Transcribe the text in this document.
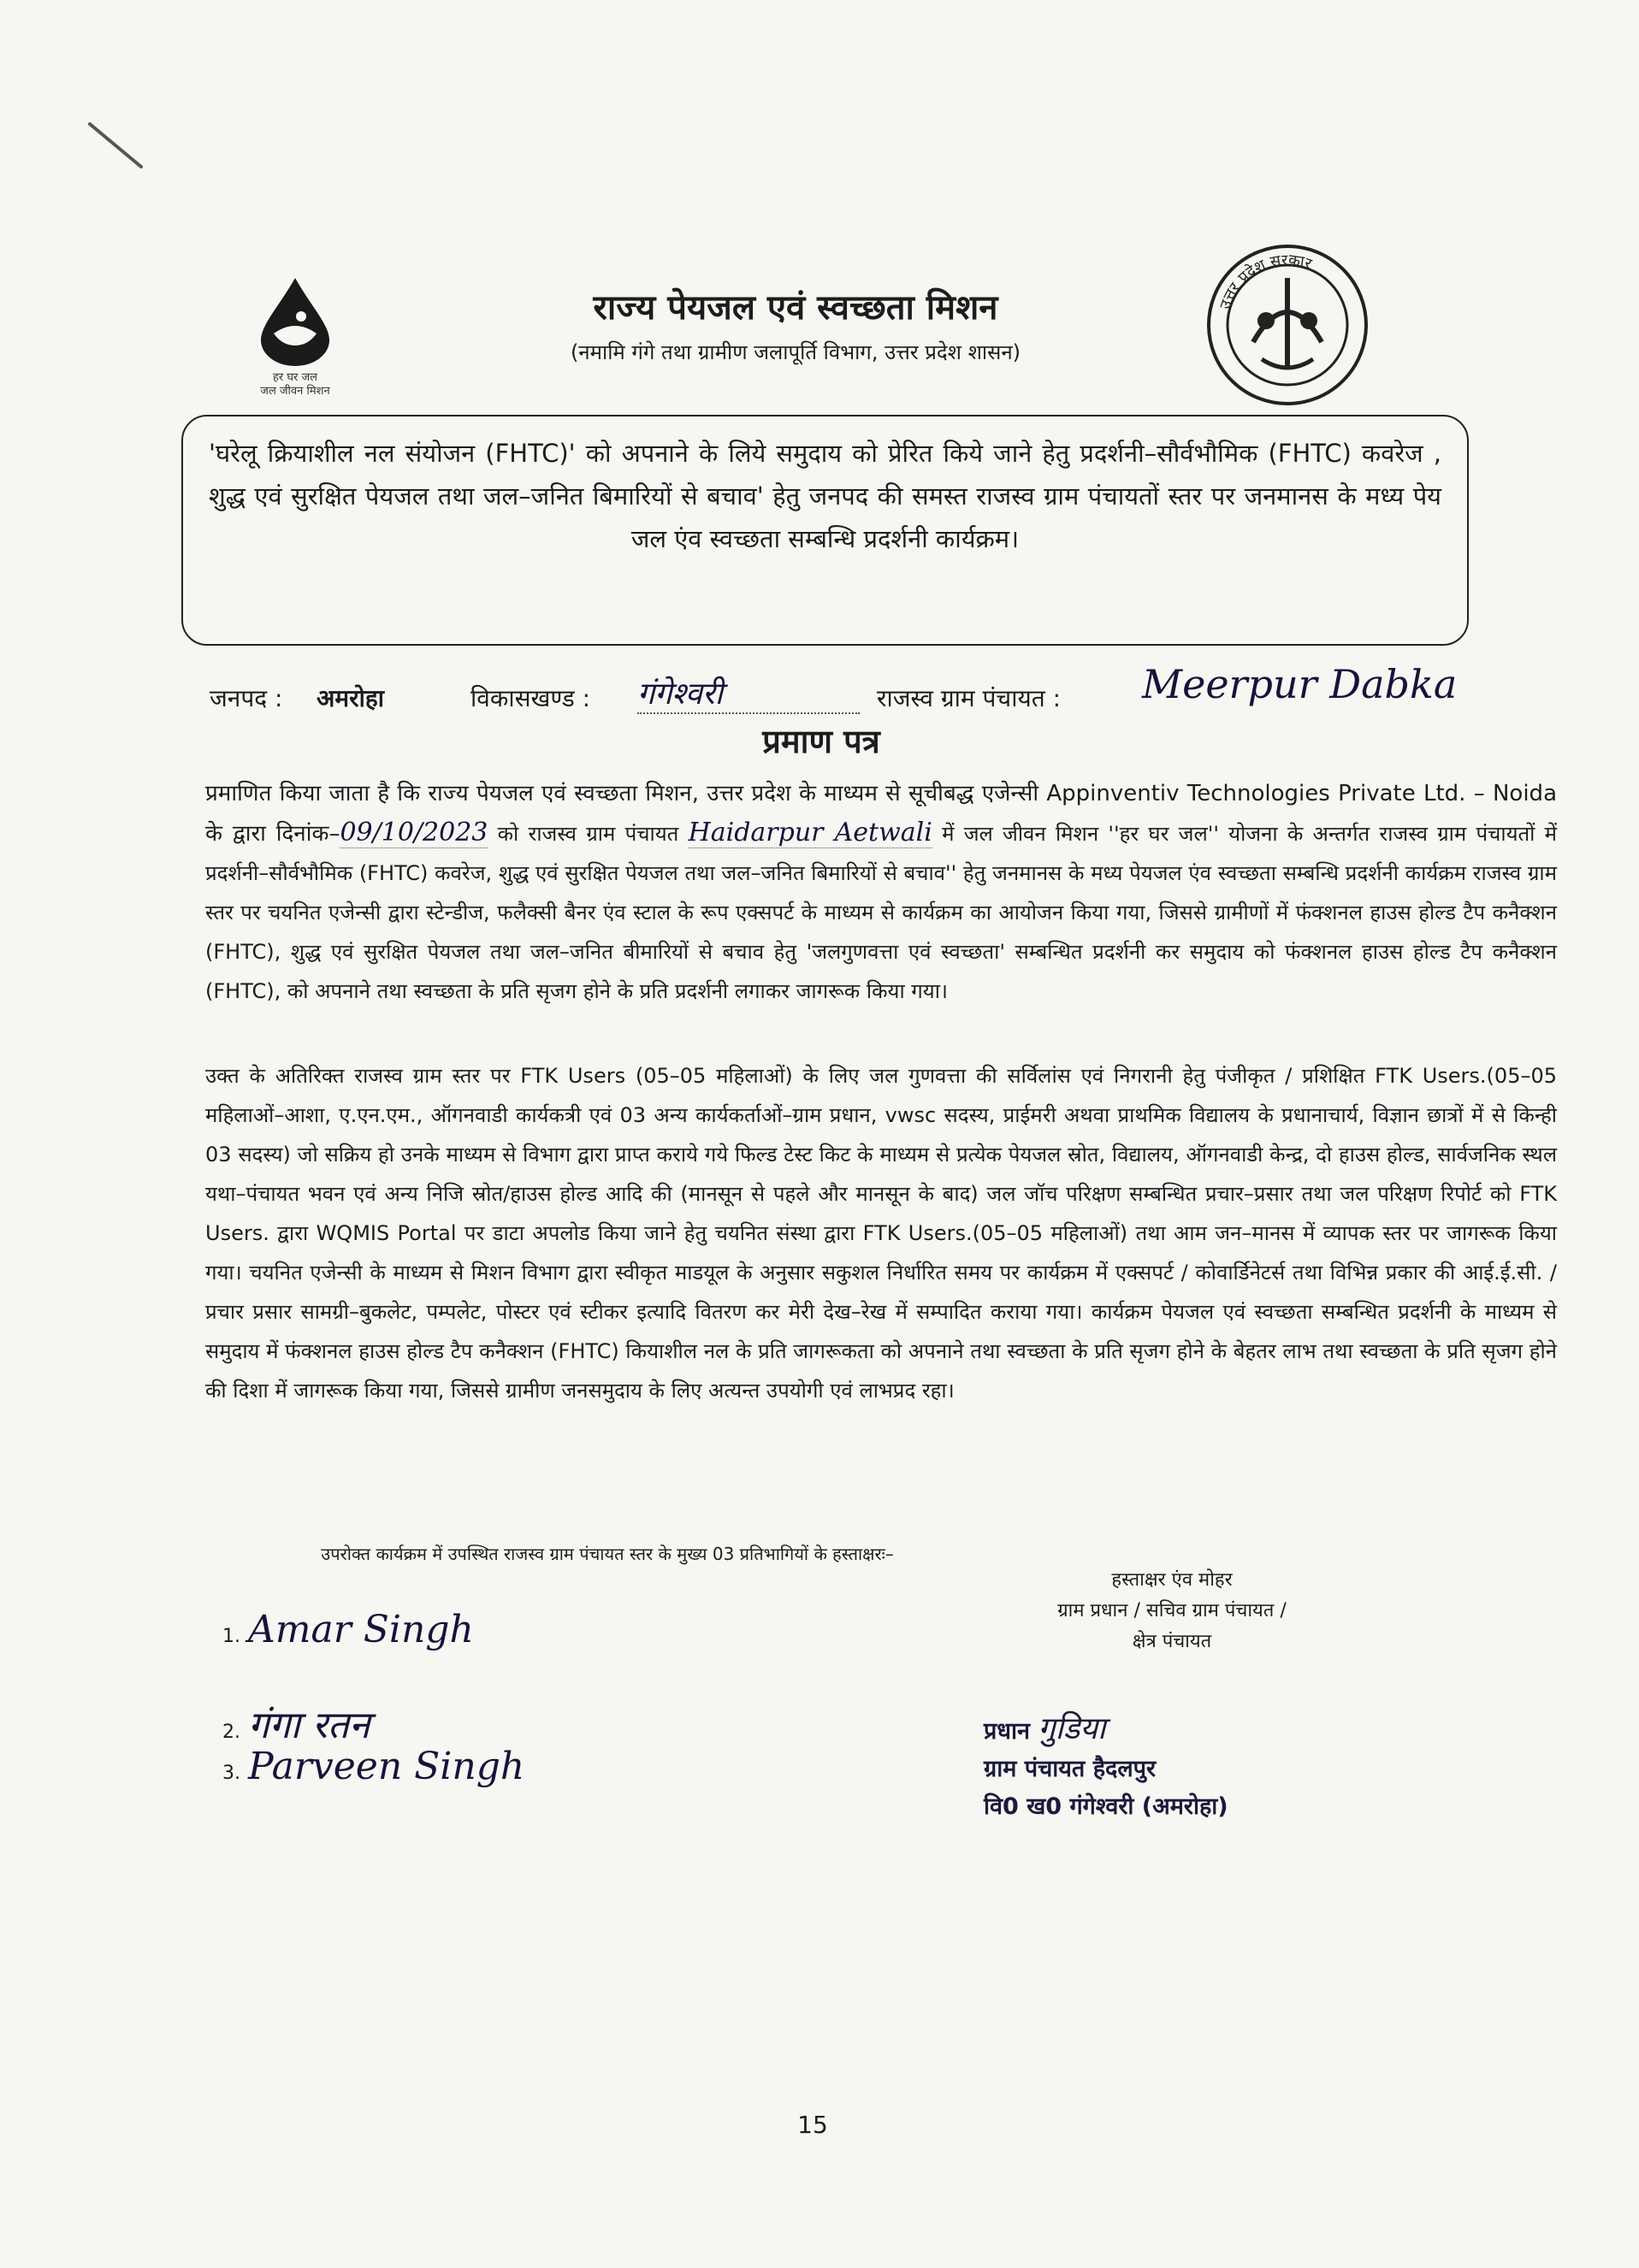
हर घर जल
जल जीवन मिशन
उत्तर प्रदेश सरकार
राज्य पेयजल एवं स्वच्छता मिशन
(नमामि गंगे तथा ग्रामीण जलापूर्ति विभाग, उत्तर प्रदेश शासन)
'घरेलू क्रियाशील नल संयोजन (FHTC)' को अपनाने के लिये समुदाय को प्रेरित किये जाने हेतु प्रदर्शनी–सौर्वभौमिक (FHTC) कवरेज , शुद्ध एवं सुरक्षित पेयजल तथा जल–जनित बिमारियों से बचाव' हेतु जनपद की समस्त राजस्व ग्राम पंचायतों स्तर पर जनमानस के मध्य पेय जल एंव स्वच्छता सम्बन्धि प्रदर्शनी कार्यक्रम।
जनपद : अमरोहा	विकासखण्ड : गंगेश्वरी	राजस्व ग्राम पंचायत : Meerpur Dabka
प्रमाण पत्र
प्रमाणित किया जाता है कि राज्य पेयजल एवं स्वच्छता मिशन, उत्तर प्रदेश के माध्यम से सूचीबद्ध एजेन्सी Appinventiv Technologies Private Ltd. – Noida के द्वारा दिनांक–09/10/2023 को राजस्व ग्राम पंचायत Haidarpur Aetwali में जल जीवन मिशन ''हर घर जल'' योजना के अन्तर्गत राजस्व ग्राम पंचायतों में प्रदर्शनी–सौर्वभौमिक (FHTC) कवरेज, शुद्ध एवं सुरक्षित पेयजल तथा जल–जनित बिमारियों से बचाव'' हेतु जनमानस के मध्य पेयजल एंव स्वच्छता सम्बन्धि प्रदर्शनी कार्यक्रम राजस्व ग्राम स्तर पर चयनित एजेन्सी द्वारा स्टेन्डीज, फलैक्सी बैनर एंव स्टाल के रूप एक्सपर्ट के माध्यम से कार्यक्रम का आयोजन किया गया, जिससे ग्रामीणों में फंक्शनल हाउस होल्ड टैप कनैक्शन (FHTC), शुद्ध एवं सुरक्षित पेयजल तथा जल–जनित बीमारियों से बचाव हेतु 'जलगुणवत्ता एवं स्वच्छता' सम्बन्धित प्रदर्शनी कर समुदाय को फंक्शनल हाउस होल्ड टैप कनैक्शन (FHTC), को अपनाने तथा स्वच्छता के प्रति सृजग होने के प्रति प्रदर्शनी लगाकर जागरूक किया गया।
उक्त के अतिरिक्त राजस्व ग्राम स्तर पर FTK Users (05–05 महिलाओं) के लिए जल गुणवत्ता की सर्विलांस एवं निगरानी हेतु पंजीकृत / प्रशिक्षित FTK Users.(05–05 महिलाओं–आशा, ए.एन.एम., ऑगनवाडी कार्यकत्री एवं 03 अन्य कार्यकर्ताओं–ग्राम प्रधान, vwsc सदस्य, प्राईमरी अथवा प्राथमिक विद्यालय के प्रधानाचार्य, विज्ञान छात्रों में से किन्ही 03 सदस्य) जो सक्रिय हो उनके माध्यम से विभाग द्वारा प्राप्त कराये गये फिल्ड टेस्ट किट के माध्यम से प्रत्येक पेयजल स्रोत, विद्यालय, ऑगनवाडी केन्द्र, दो हाउस होल्ड, सार्वजनिक स्थल यथा–पंचायत भवन एवं अन्य निजि स्रोत/हाउस होल्ड आदि की (मानसून से पहले और मानसून के बाद) जल जॉच परिक्षण सम्बन्धित प्रचार–प्रसार तथा जल परिक्षण रिपोर्ट को FTK Users. द्वारा WQMIS Portal पर डाटा अपलोड किया जाने हेतु चयनित संस्था द्वारा FTK Users.(05–05 महिलाओं) तथा आम जन–मानस में व्यापक स्तर पर जागरूक किया गया। चयनित एजेन्सी के माध्यम से मिशन विभाग द्वारा स्वीकृत माडयूल के अनुसार सकुशल निर्धारित समय पर कार्यक्रम में एक्सपर्ट / कोवार्डिनेटर्स तथा विभिन्न प्रकार की आई.ई.सी. / प्रचार प्रसार सामग्री–बुकलेट, पम्पलेट, पोस्टर एवं स्टीकर इत्यादि वितरण कर मेरी देख–रेख में सम्पादित कराया गया। कार्यक्रम पेयजल एवं स्वच्छता सम्बन्धित प्रदर्शनी के माध्यम से समुदाय में फंक्शनल हाउस होल्ड टैप कनैक्शन (FHTC) कियाशील नल के प्रति जागरूकता को अपनाने तथा स्वच्छता के प्रति सृजग होने के बेहतर लाभ तथा स्वच्छता के प्रति सृजग होने की दिशा में जागरूक किया गया, जिससे ग्रामीण जनसमुदाय के लिए अत्यन्त उपयोगी एवं लाभप्रद रहा।
उपरोक्त कार्यक्रम में उपस्थित राजस्व ग्राम पंचायत स्तर के मुख्य 03 प्रतिभागियों के हस्ताक्षरः–
1. Amar Singh
2. गंगा रतन
3. Parveen Singh
हस्ताक्षर एंव मोहर
ग्राम प्रधान / सचिव ग्राम पंचायत /
क्षेत्र पंचायत
प्रधान गुडिया
ग्राम पंचायत हैदलपुर
वि0 ख0 गंगेश्वरी (अमरोहा)
15
